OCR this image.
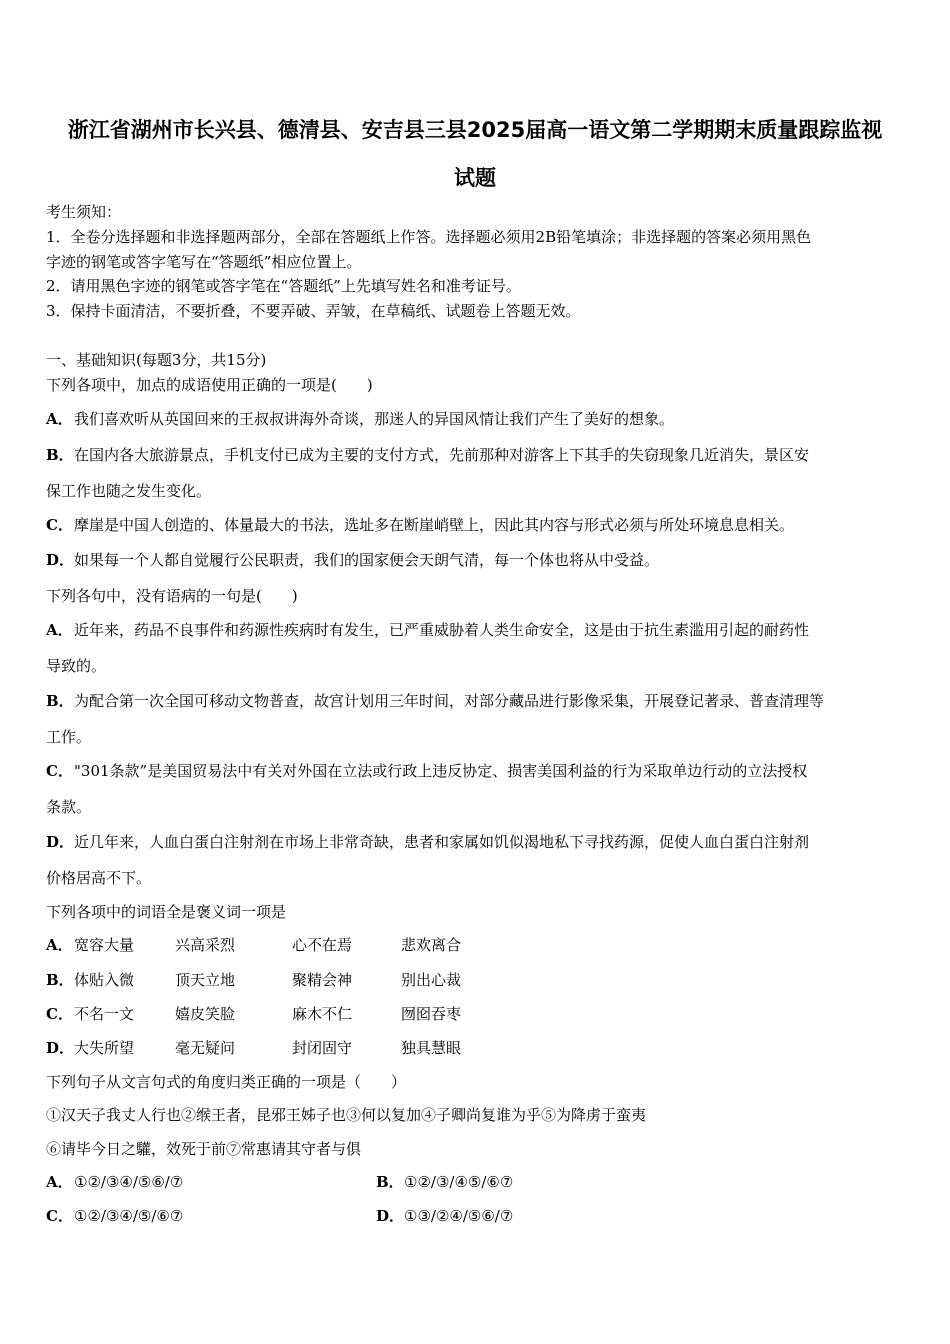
浙江省湖州市长兴县、德清县、安吉县三县2025届高一语文第二学期期末质量跟踪监视
试题
考生须知：
1．全卷分选择题和非选择题两部分，全部在答题纸上作答。选择题必须用2B铅笔填涂；非选择题的答案必须用黑色
字迹的钢笔或答字笔写在“答题纸”相应位置上。
2．请用黑色字迹的钢笔或答字笔在“答题纸”上先填写姓名和准考证号。
3．保持卡面清洁，不要折叠，不要弄破、弄皱，在草稿纸、试题卷上答题无效。
一、基础知识(每题3分，共15分)
下列各项中，加点的成语使用正确的一项是(　　)
A．我们喜欢听从英国回来的王叔叔讲海外奇谈，那迷人的异国风情让我们产生了美好的想象。
B．在国内各大旅游景点，手机支付已成为主要的支付方式，先前那种对游客上下其手的失窃现象几近消失，景区安
保工作也随之发生变化。
C．摩崖是中国人创造的、体量最大的书法，选址多在断崖峭壁上，因此其内容与形式必须与所处环境息息相关。
D．如果每一个人都自觉履行公民职责，我们的国家便会天朗气清，每一个体也将从中受益。
下列各句中，没有语病的一句是(　　)
A．近年来，药品不良事件和药源性疾病时有发生，已严重威胁着人类生命安全，这是由于抗生素滥用引起的耐药性
导致的。
B．为配合第一次全国可移动文物普查，故宫计划用三年时间，对部分藏品进行影像采集，开展登记著录、普查清理等
工作。
C．"301条款”是美国贸易法中有关对外国在立法或行政上违反协定、损害美国利益的行为采取单边行动的立法授权
条款。
D．近几年来，人血白蛋白注射剂在市场上非常奇缺，患者和家属如饥似渴地私下寻找药源，促使人血白蛋白注射剂
价格居高不下。
下列各项中的词语全是褒义词一项是
A． 宽容大量	兴高采烈	心不在焉	悲欢离合
B． 体贴入微	顶天立地	聚精会神	别出心裁
C． 不名一文	嬉皮笑脸	麻木不仁	囫囵吞枣
D． 大失所望	毫无疑问	封闭固守	独具慧眼
下列句子从文言句式的角度归类正确的一项是（　　）
①汉天子我丈人行也②缑王者，昆邪王姊子也③何以复加④子卿尚复谁为乎⑤为降虏于蛮夷
⑥请毕今日之驩，效死于前⑦常惠请其守者与俱
A．①②/③④/⑤⑥/⑦	B．①②/③/④⑤/⑥⑦
C．①②/③④/⑤/⑥⑦	D．①③/②④/⑤⑥/⑦
